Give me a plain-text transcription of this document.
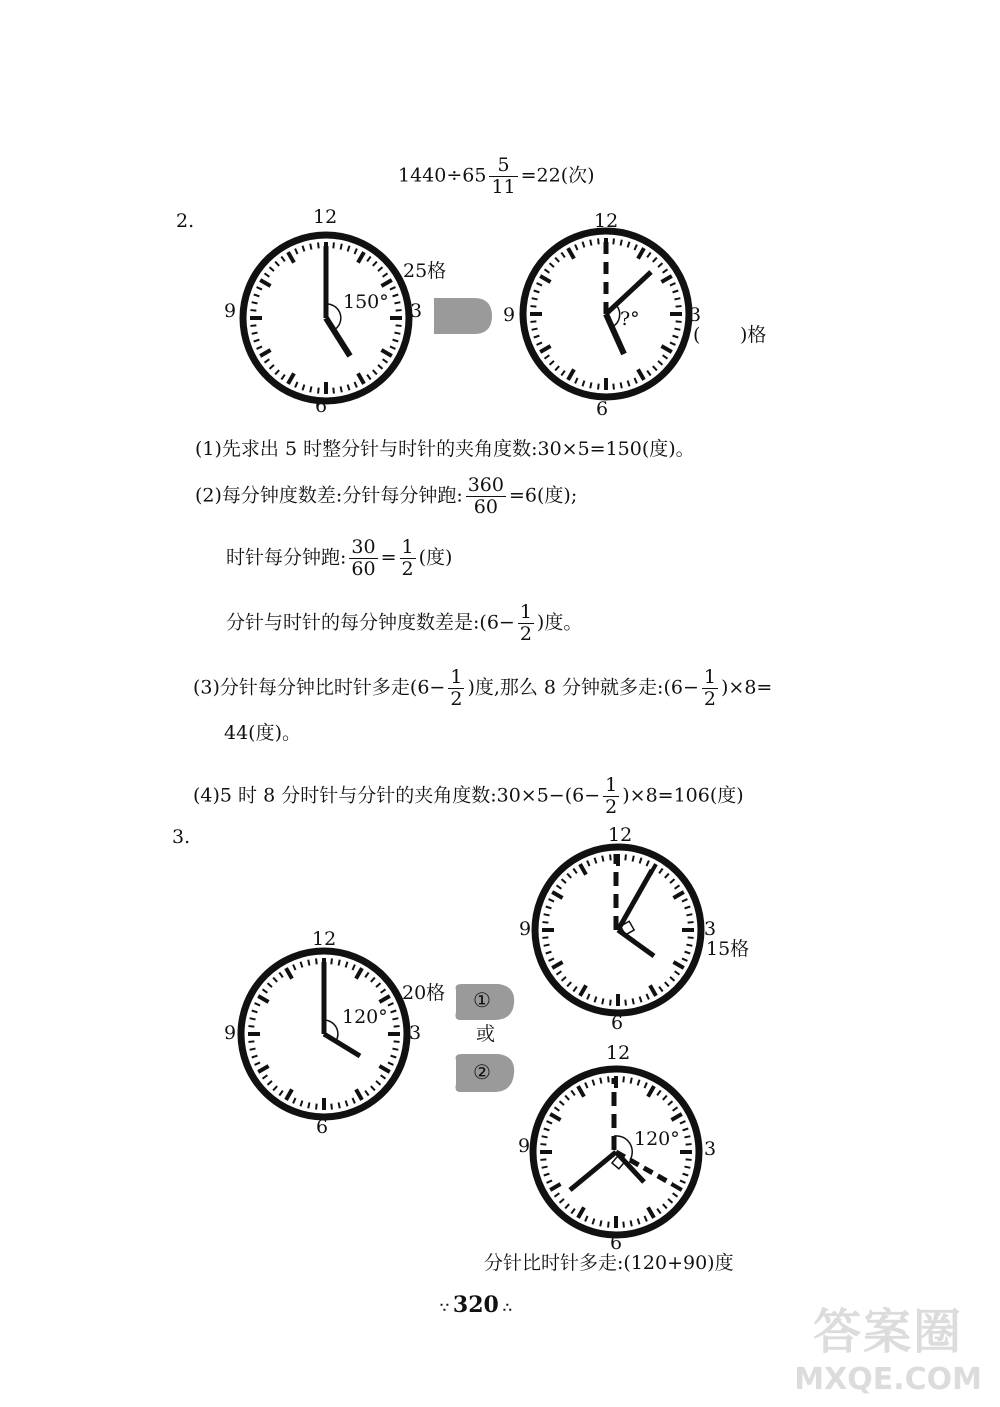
$1440\div 65 \frac{5}{11} =22$(次)
2.	12
3
6
9	150°
25格
12
3
6
9	?°
( )格
(1)先求出 5 时整分针与时针的夹角度数:30×5=150(度)。
(2)每分钟度数差:分针每分钟跑: $\frac{360}{60} =6$(度);
时针每分钟跑: $\frac{30}{60} = \frac{1}{2}$ (度)
分针与时针的每分钟度数差是:(6− $\frac{1}{2}$ )度。
(3)分针每分钟比时针多走($6- \frac{1}{2}$ )度,那么 8 分钟就多走:(6− $\frac{1}{2} )\times 8=$
44(度)。
(4)5 时 8 分时针与分针的夹角度数:30×5−(6− $\frac{1}{2} )\times 8=106$(度)
3.
12
3
6
9
120°
20格 ①
或
②
12
3
6
9
15格
12
3
6
9	120°
分针比时针多走:(120+90)度
∵ 320 ∴	答案圈
MXQE.COM
